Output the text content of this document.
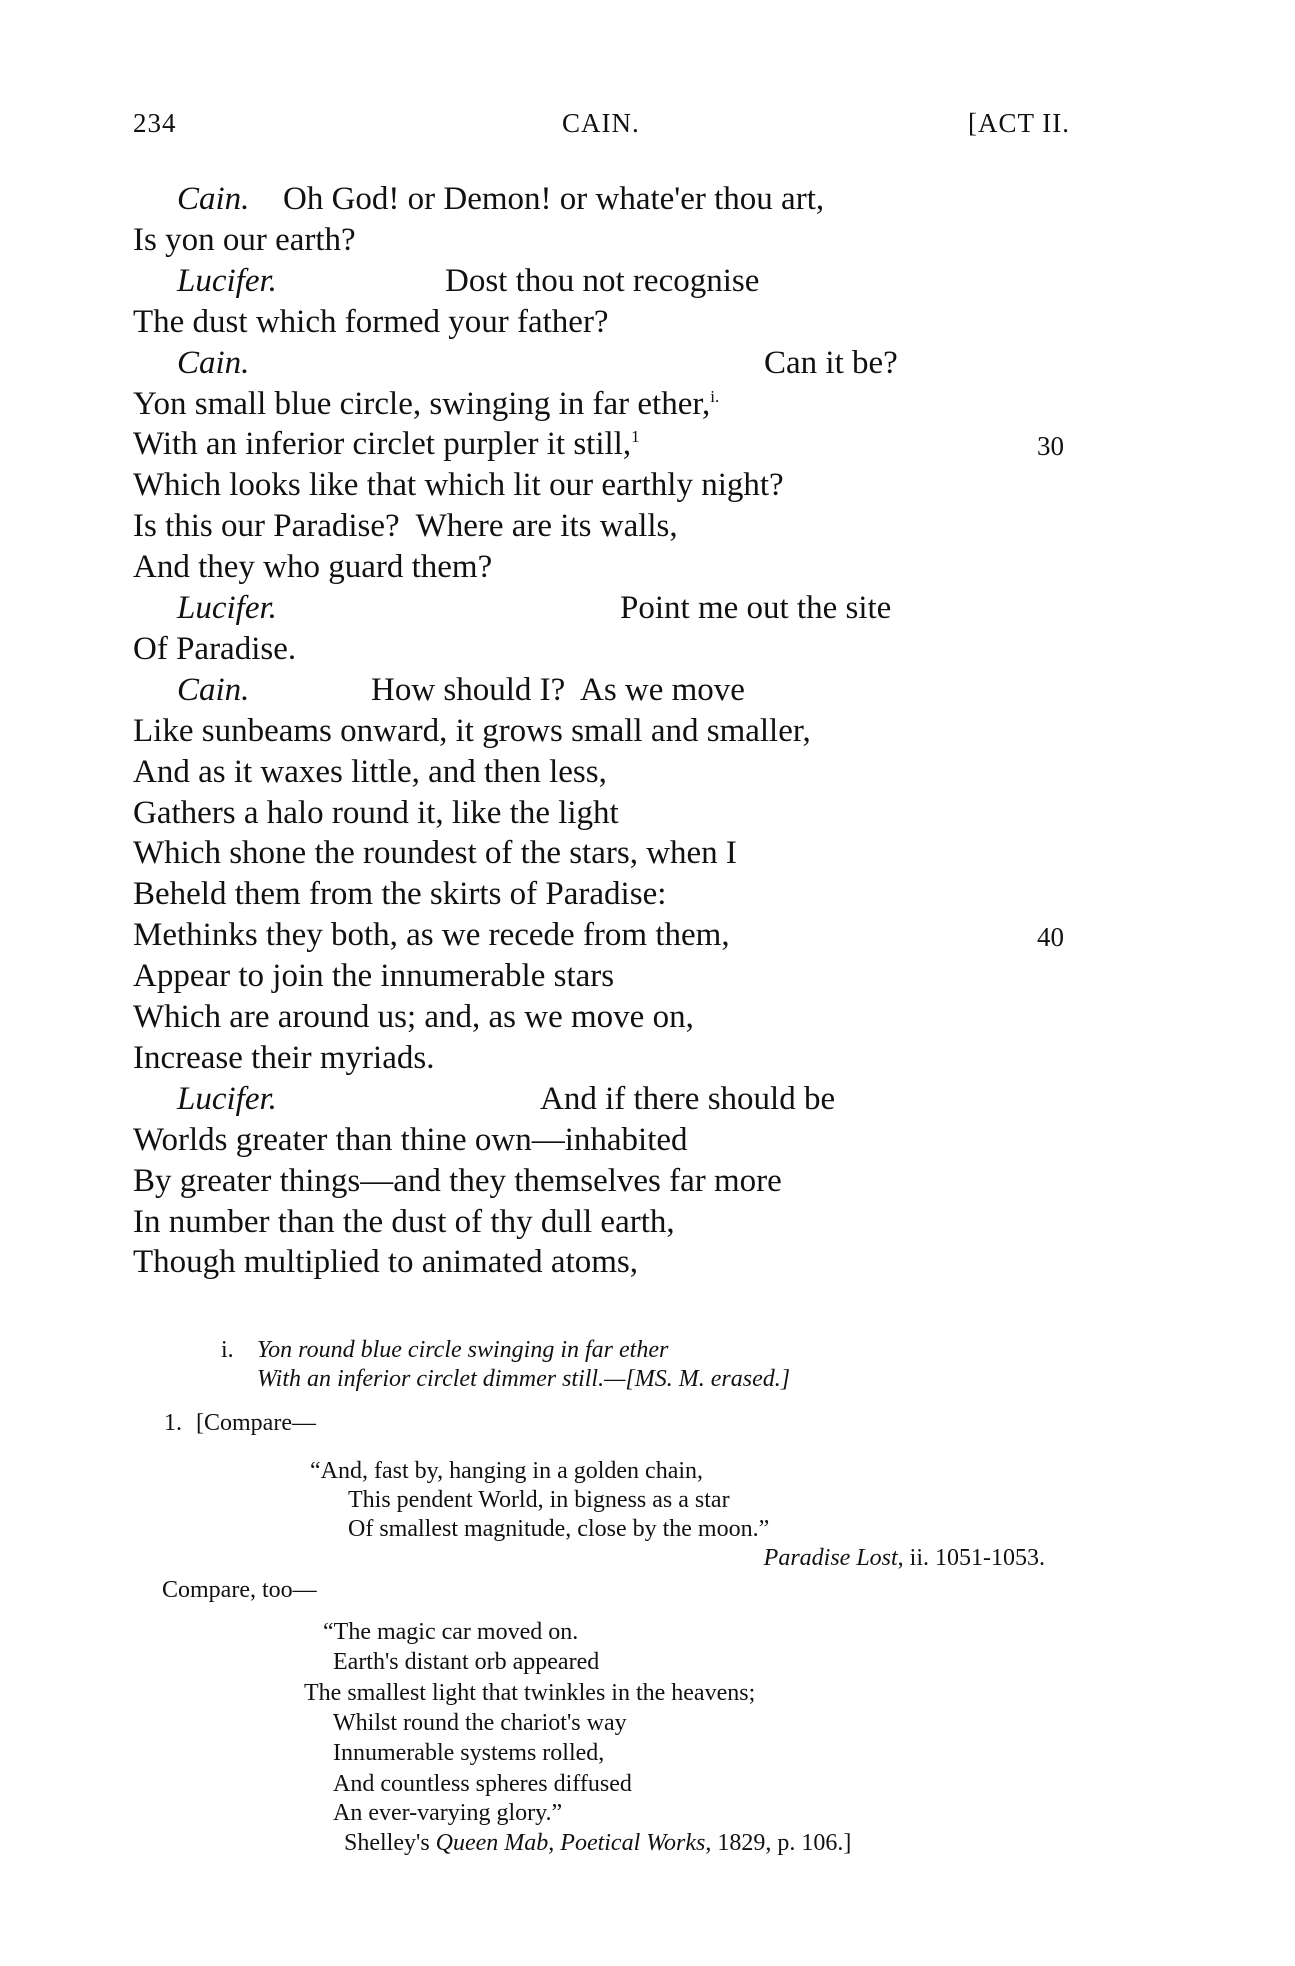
234	CAIN.	[ACT II.
Cain. Oh God! or Demon! or whate'er thou art,
Is yon our earth?
Lucifer.	Dost thou not recognise
The dust which formed your father?
Cain.	Can it be?
Yon small blue circle, swinging in far ether,$^{i.}$
With an inferior circlet purpler it still,$^1$	30
Which looks like that which lit our earthly night?
Is this our Paradise?  Where are its walls,
And they who guard them?
Lucifer.	Point me out the site
Of Paradise.
Cain.	How should I?  As we move
Like sunbeams onward, it grows small and smaller,
And as it waxes little, and then less,
Gathers a halo round it, like the light
Which shone the roundest of the stars, when I
Beheld them from the skirts of Paradise:
Methinks they both, as we recede from them,	40
Appear to join the innumerable stars
Which are around us; and, as we move on,
Increase their myriads.
Lucifer.	And if there should be
Worlds greater than thine own—inhabited
By greater things—and they themselves far more
In number than the dust of thy dull earth,
Though multiplied to animated atoms,
i. Yon round blue circle swinging in far ether
With an inferior circlet dimmer still.—[MS. M. erased.]
1. [Compare—
“And, fast by, hanging in a golden chain,
This pendent World, in bigness as a star
Of smallest magnitude, close by the moon.”
Paradise Lost, ii. 1051-1053.
Compare, too—
“The magic car moved on.
Earth's distant orb appeared
The smallest light that twinkles in the heavens;
Whilst round the chariot's way
Innumerable systems rolled,
And countless spheres diffused
An ever-varying glory.”
Shelley's Queen Mab, Poetical Works, 1829, p. 106.]
